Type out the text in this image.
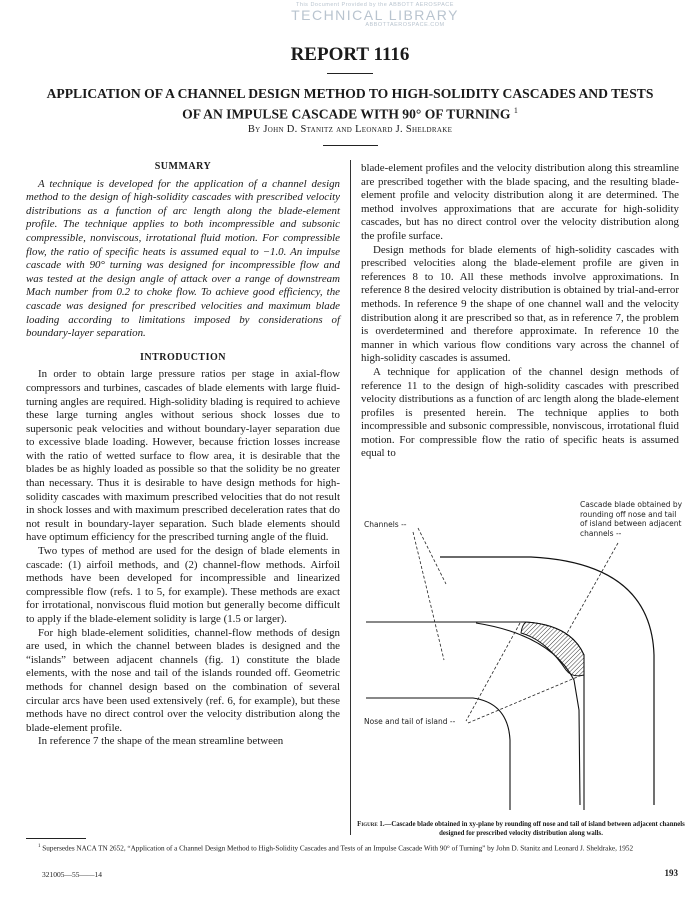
This Document Provided by the ABBOTT AEROSPACE
TECHNICAL LIBRARY
ABBOTTAEROSPACE.COM
REPORT 1116
APPLICATION OF A CHANNEL DESIGN METHOD TO HIGH-SOLIDITY CASCADES AND TESTS
OF AN IMPULSE CASCADE WITH 90° OF TURNING $^1$
By John D. Stanitz and Leonard J. Sheldrake
SUMMARY

A technique is developed for the application of a channel design method to the design of high-solidity cascades with prescribed velocity distributions as a function of arc length along the blade-element profile. The technique applies to both incompressible and subsonic compressible, nonviscous, irrotational fluid motion. For compressible flow, the ratio of specific heats is assumed equal to −1.0. An impulse cascade with 90° turning was designed for incompressible flow and was tested at the design angle of attack over a range of downstream Mach number from 0.2 to choke flow. To achieve good efficiency, the cascade was designed for prescribed velocities and maximum blade loading according to limitations imposed by considerations of boundary-layer separation.

INTRODUCTION

In order to obtain large pressure ratios per stage in axial-flow compressors and turbines, cascades of blade elements with large fluid-turning angles are required. High-solidity blading is required to achieve these large turning angles without serious shock losses due to supersonic peak velocities and without boundary-layer separation due to excessive blade loading. However, because friction losses increase with the ratio of wetted surface to flow area, it is desirable that the blades be as highly loaded as possible so that the solidity be no greater than necessary. Thus it is desirable to have design methods for high-solidity cascades with maximum prescribed velocities that do not result in shock losses and with maximum prescribed deceleration rates that do not result in boundary-layer separation. Such blade elements should have optimum efficiency for the prescribed turning angle of the fluid.

Two types of method are used for the design of blade elements in cascade: (1) airfoil methods, and (2) channel-flow methods. Airfoil methods have been developed for incompressible and linearized compressible flow (refs. 1 to 5, for example). These methods are exact for irrotational, nonviscous fluid motion but generally become difficult to apply if the blade-element solidity is large (1.5 or larger).

For high blade-element solidities, channel-flow methods of design are used, in which the channel between blades is designed and the “islands” between adjacent channels (fig. 1) constitute the blade elements, with the nose and tail of the islands rounded off. Geometric methods for channel design based on the combination of several circular arcs have been used extensively (ref. 6, for example), but these methods have no direct control over the velocity distribution along the blade-element profile.

In reference 7 the shape of the mean streamline between

blade-element profiles and the velocity distribution along this streamline are prescribed together with the blade spacing, and the resulting blade-element profile and velocity distribution along it are determined. The method involves approximations that are accurate for high-solidity cascades, but has no direct control over the velocity distribution along the profile surface.

Design methods for blade elements of high-solidity cascades with prescribed velocities along the blade-element profile are given in references 8 to 10. All these methods involve approximations. In reference 8 the desired velocity distribution is obtained by trial-and-error methods. In reference 9 the shape of one channel wall and the velocity distribution along it are prescribed so that, as in reference 7, the problem is overdetermined and therefore approximate. In reference 10 the manner in which various flow conditions vary across the channel of high-solidity cascades is assumed.

A technique for application of the channel design methods of reference 11 to the design of high-solidity cascades with prescribed velocity distributions as a function of arc length along the blade-element profiles is presented herein. The technique applies to both incompressible and subsonic compressible, nonviscous, irrotational fluid motion. For compressible flow the ratio of specific heats is assumed equal to

Channels --
Cascade blade obtained by
rounding off nose and tail
of island between adjacent
channels --
Nose and tail of island --
Figure 1.—Cascade blade obtained in xy-plane by rounding off nose and tail of island between adjacent channels designed for prescribed velocity distribution along walls.
$^1$ Supersedes NACA TN 2652, “Application of a Channel Design Method to High-Solidity Cascades and Tests of an Impulse Cascade With 90° of Turning” by John D. Stanitz and Leonard J. Sheldrake, 1952
321005—55——14	193
